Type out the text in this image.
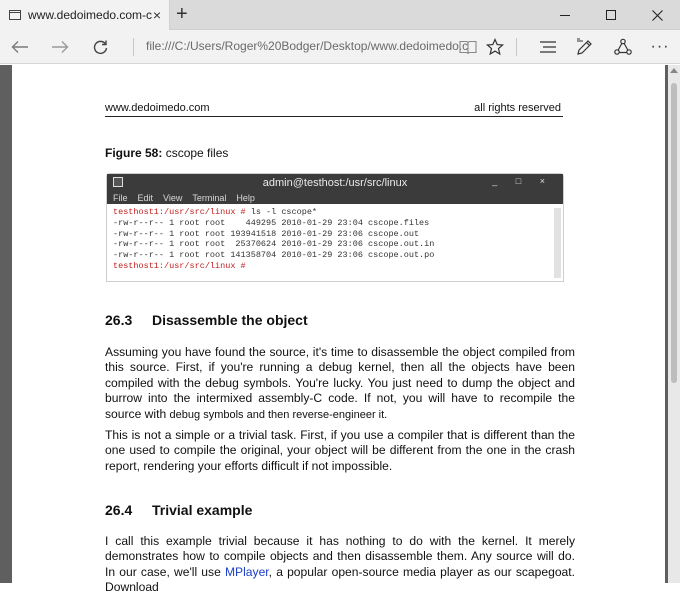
www.dedoimedo.com-c × +
file:///C:/Users/Roger%20Bodger/Desktop/www.dedoimedo.c	···
www.dedoimedo.com	all rights reserved
Figure 58: cscope files
admin@testhost:/usr/src/linux	_ □ ×
File Edit View Terminal Help
testhost1:/usr/src/linux # ls -l cscope*
-rw-r--r-- 1 root root    449295 2010-01-29 23:04 cscope.files
-rw-r--r-- 1 root root 193941518 2010-01-29 23:06 cscope.out
-rw-r--r-- 1 root root  25370624 2010-01-29 23:06 cscope.out.in
-rw-r--r-- 1 root root 141358704 2010-01-29 23:06 cscope.out.po
testhost1:/usr/src/linux #
26.3 Disassemble the object
Assuming you have found the source, it's time to disassemble the object compiled from this source. First, if you're running a debug kernel, then all the objects have been compiled with the debug symbols. You're lucky. You just need to dump the object and burrow into the intermixed assembly-C code. If not, you will have to recompile the source with debug symbols and then reverse-engineer it.
This is not a simple or a trivial task. First, if you use a compiler that is different than the one used to compile the original, your object will be different from the one in the crash report, rendering your efforts difficult if not impossible.
26.4 Trivial example
I call this example trivial because it has nothing to do with the kernel. It merely demonstrates how to compile objects and then disassemble them. Any source will do. In our case, we'll use MPlayer, a popular open-source media player as our scapegoat. Download
